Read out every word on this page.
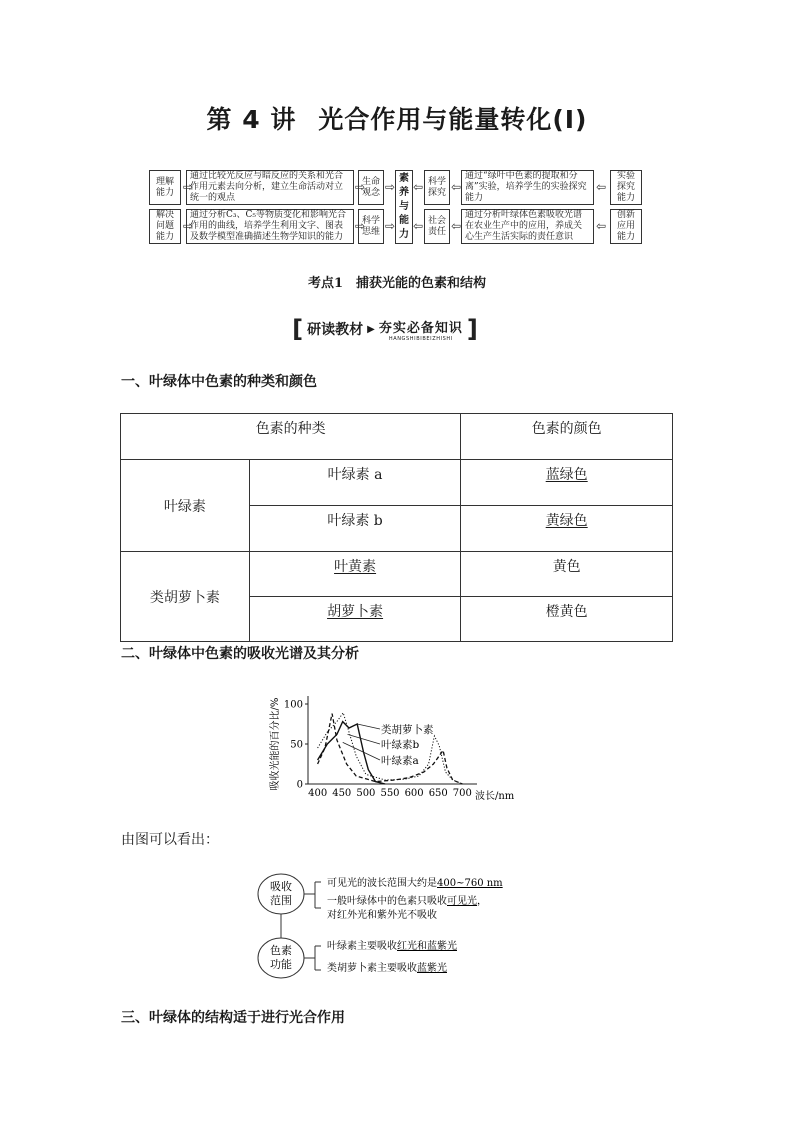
第 4 讲 光合作用与能量转化(Ⅰ)
理解能力 ⇨
通过比较光反应与暗反应的关系和光合作用元素去向分析，建立生命活动对立统一的观点
⇨
生命观念
解决问题能力
⇨
通过分析C₃、C₅等物质变化和影响光合作用的曲线，培养学生利用文字、图表及数学模型准确描述生物学知识的能力
⇨
科学思维
⇨
⇨
素养与能力
⇦
⇦
科学探究 ⇦
通过“绿叶中色素的提取和分离”实验，培养学生的实验探究能力
⇦
实验探究能力
社会责任 ⇦
通过分析叶绿体色素吸收光谱在农业生产中的应用，养成关心生产生活实际的责任意识
⇦
创新应用能力
考点1　捕获光能的色素和结构
[ 研读教材 ▶ 夯实必备知识
HANGSHIBIBEIZHISHI ]
一、叶绿体中色素的种类和颜色
色素的种类		色素的颜色
叶绿素	叶绿素 a	蓝绿色
	叶绿素 b	黄绿色
类胡萝卜素	叶黄素	黄色
	胡萝卜素	橙黄色
二、叶绿体中色素的吸收光谱及其分析
吸收光能的百分比/%
波长/nm
0
50
100
400 450 500 550 600 650 700
类胡萝卜素
叶绿素b
叶绿素a
由图可以看出：
吸收
范围
可见光的波长范围大约是400~760 nm
一般叶绿体中的色素只吸收可见光，
对红外光和紫外光不吸收
色素
功能
叶绿素主要吸收红光和蓝紫光
类胡萝卜素主要吸收蓝紫光
三、叶绿体的结构适于进行光合作用
